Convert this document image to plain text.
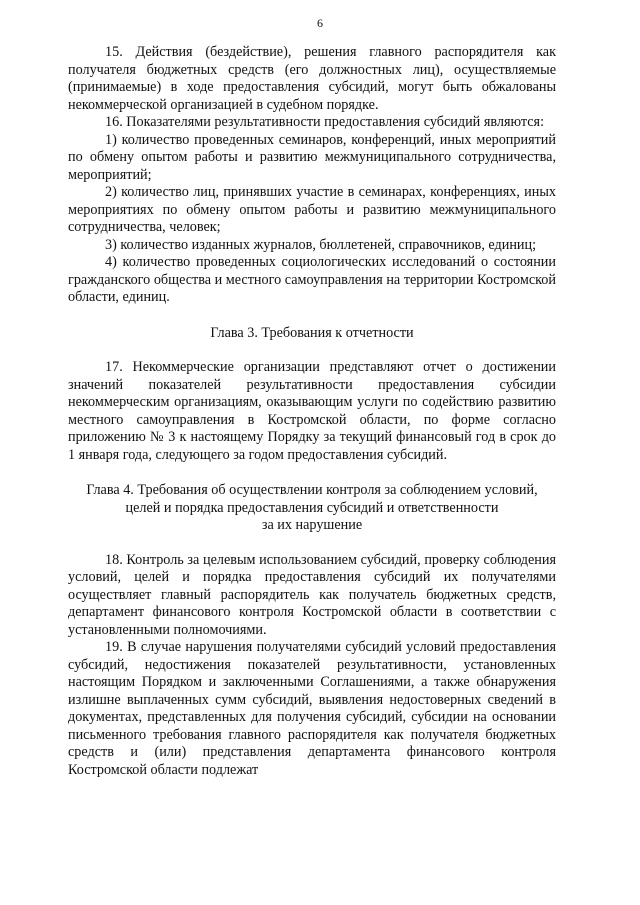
6

15. Действия (бездействие), решения главного распорядителя как получателя бюджетных средств (его должностных лиц), осуществляемые (принимаемые) в ходе предоставления субсидий, могут быть обжалованы некоммерческой организацией в судебном порядке.

16. Показателями результативности предоставления субсидий являются:

1) количество проведенных семинаров, конференций, иных мероприятий по обмену опытом работы и развитию межмуниципального сотрудничества, мероприятий;

2) количество лиц, принявших участие в семинарах, конференциях, иных мероприятиях по обмену опытом работы и развитию межмуниципального сотрудничества, человек;

3) количество изданных журналов, бюллетеней, справочников, единиц;

4) количество проведенных социологических исследований о состоянии гражданского общества и местного самоуправления на территории Костромской области, единиц.

Глава 3. Требования к отчетности

17. Некоммерческие организации представляют отчет о достижении значений показателей результативности предоставления субсидии некоммерческим организациям, оказывающим услуги по содействию развитию местного самоуправления в Костромской области, по форме согласно приложению № 3 к настоящему Порядку за текущий финансовый год в срок до 1 января года, следующего за годом предоставления субсидий.

Глава 4. Требования об осуществлении контроля за соблюдением условий,
целей и порядка предоставления субсидий и ответственности
за их нарушение

18. Контроль за целевым использованием субсидий, проверку соблюдения условий, целей и порядка предоставления субсидий их получателями осуществляет главный распорядитель как получатель бюджетных средств, департамент финансового контроля Костромской области в соответствии с установленными полномочиями.

19. В случае нарушения получателями субсидий условий предоставления субсидий, недостижения показателей результативности, установленных настоящим Порядком и заключенными Соглашениями, а также обнаружения излишне выплаченных сумм субсидий, выявления недостоверных сведений в документах, представленных для получения субсидий, субсидии на основании письменного требования главного распорядителя как получателя бюджетных средств и (или) представления департамента финансового контроля Костромской области подлежат
